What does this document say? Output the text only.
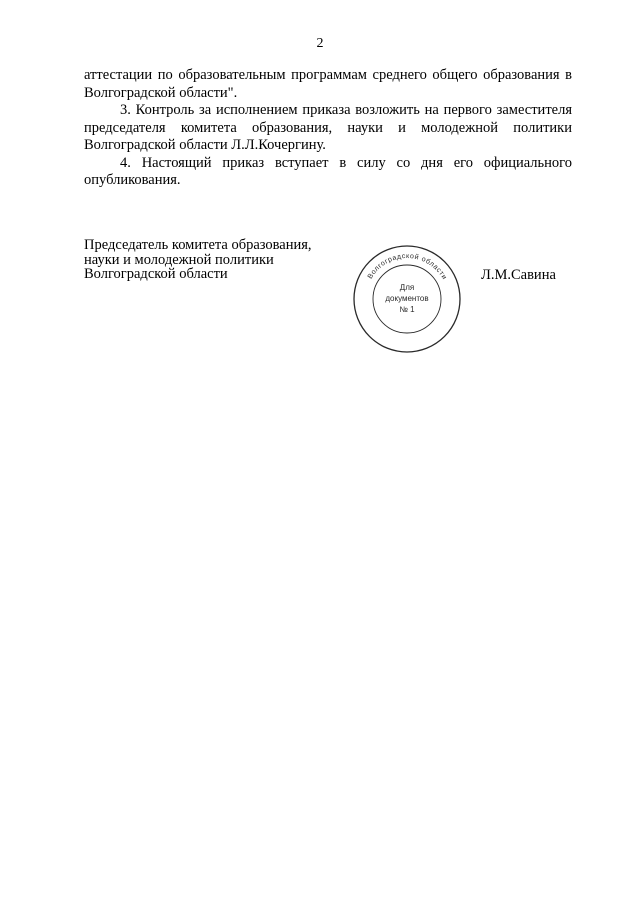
2

аттестации по образовательным программам среднего общего образования в Волгоградской области".

3. Контроль за исполнением приказа возложить на первого заместителя председателя комитета образования, науки и молодежной политики Волгоградской области Л.Л.Кочергину.

4. Настоящий приказ вступает в силу со дня его официального опубликования.

Председатель комитета образования,
науки и молодежной политики
Волгоградской области	Волгоградской области
Для
документов
№ 1
Л.М.Савина
